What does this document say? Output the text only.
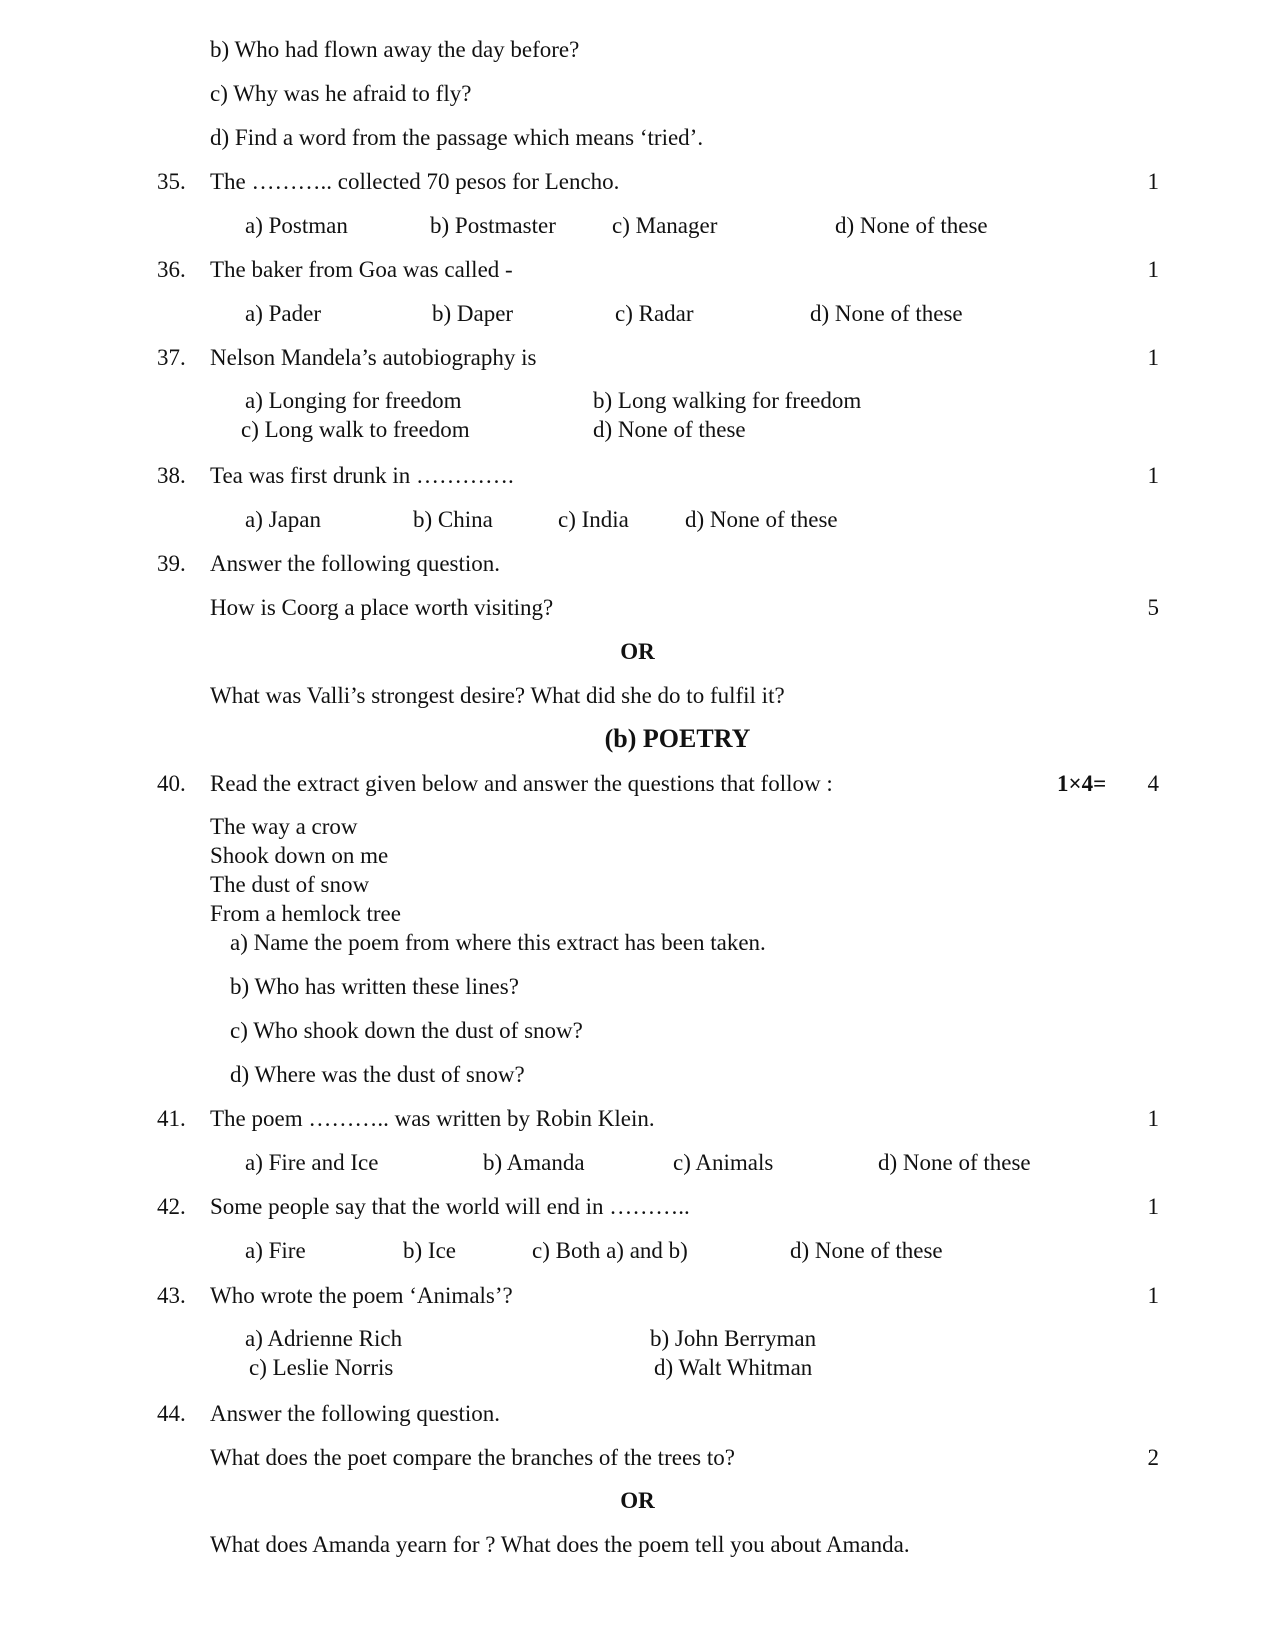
b) Who had flown away the day before?
c) Why was he afraid to fly?
d) Find a word from the passage which means ‘tried’.
35. The ……….. collected 70 pesos for Lencho.	1
a) Postman	b) Postmaster c) Manager	d) None of these
36. The baker from Goa was called -	1
a) Pader	b) Daper	c) Radar	d) None of these
37. Nelson Mandela’s autobiography is	1
a) Longing for freedom	b) Long walking for freedom
c) Long walk to freedom	d) None of these
38. Tea was first drunk in ………….	1
a) Japan	b) China	c) India d) None of these
39. Answer the following question.
How is Coorg a place worth visiting?	5
OR
What was Valli’s strongest desire? What did she do to fulfil it?
(b) POETRY
40. Read the extract given below and answer the questions that follow :	1×4= 4
The way a crow
Shook down on me
The dust of snow
From a hemlock tree
a) Name the poem from where this extract has been taken.
b) Who has written these lines?
c) Who shook down the dust of snow?
d) Where was the dust of snow?
41. The poem ……….. was written by Robin Klein.	1
a) Fire and Ice	b) Amanda	c) Animals	d) None of these
42. Some people say that the world will end in ………..	1
a) Fire	b) Ice	c) Both a) and b)	d) None of these
43. Who wrote the poem ‘Animals’?	1
a) Adrienne Rich	b) John Berryman
c) Leslie Norris	d) Walt Whitman
44. Answer the following question.
What does the poet compare the branches of the trees to?	2
OR
What does Amanda yearn for ? What does the poem tell you about Amanda.
